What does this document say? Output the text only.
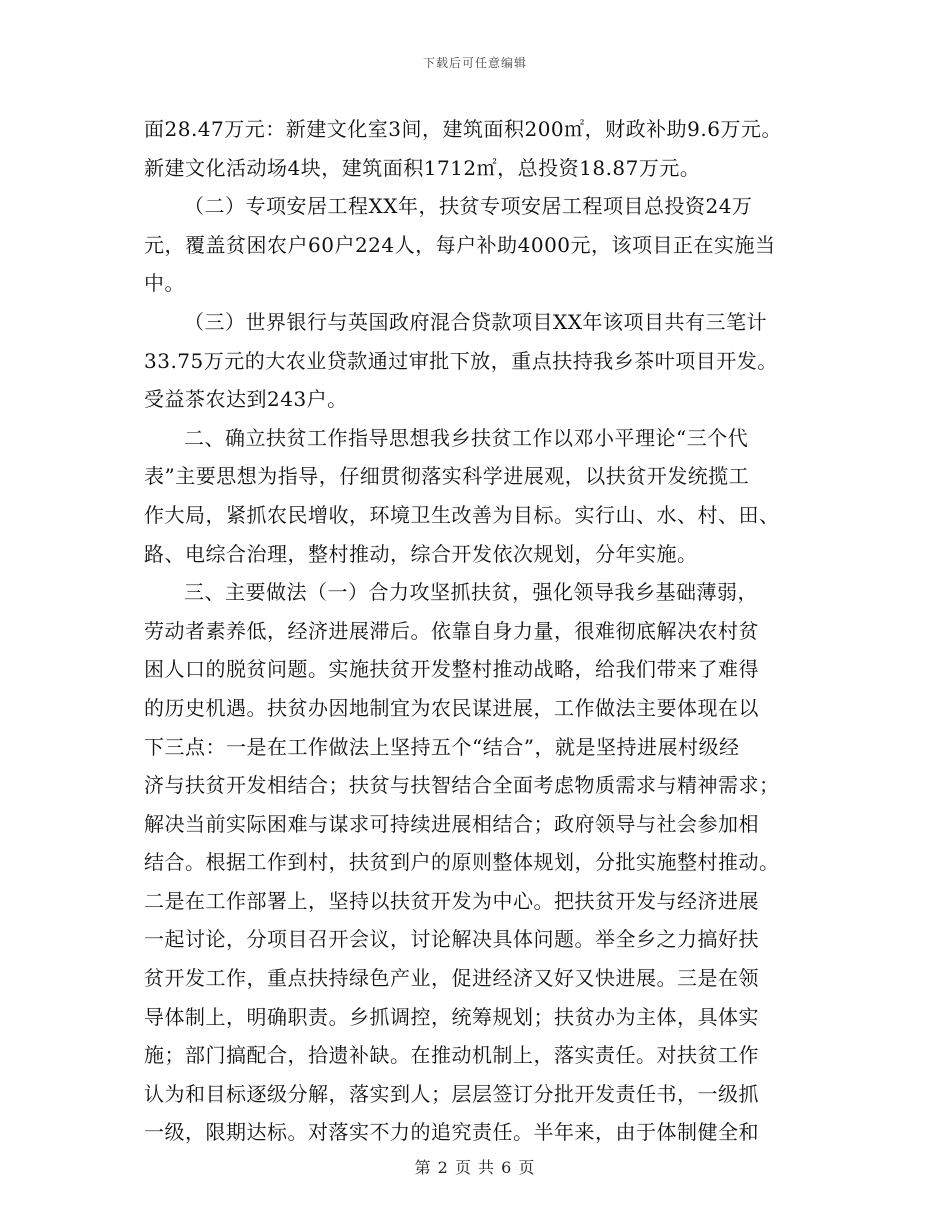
下载后可任意编辑
面28.47万元：新建文化室3间，建筑面积200㎡，财政补助9.6万元。
新建文化活动场4块，建筑面积1712㎡，总投资18.87万元。
（二）专项安居工程XX年，扶贫专项安居工程项目总投资24万
元，覆盖贫困农户60户224人，每户补助4000元，该项目正在实施当
中。
（三）世界银行与英国政府混合贷款项目XX年该项目共有三笔计
33.75万元的大农业贷款通过审批下放，重点扶持我乡茶叶项目开发。
受益茶农达到243户。
二、确立扶贫工作指导思想我乡扶贫工作以邓小平理论“三个代
表”主要思想为指导，仔细贯彻落实科学进展观，以扶贫开发统揽工
作大局，紧抓农民增收，环境卫生改善为目标。实行山、水、村、田、
路、电综合治理，整村推动，综合开发依次规划，分年实施。
三、主要做法（一）合力攻坚抓扶贫，强化领导我乡基础薄弱，
劳动者素养低，经济进展滞后。依靠自身力量，很难彻底解决农村贫
困人口的脱贫问题。实施扶贫开发整村推动战略，给我们带来了难得
的历史机遇。扶贫办因地制宜为农民谋进展，工作做法主要体现在以
下三点：一是在工作做法上坚持五个“结合”，就是坚持进展村级经
济与扶贫开发相结合；扶贫与扶智结合全面考虑物质需求与精神需求；
解决当前实际困难与谋求可持续进展相结合；政府领导与社会参加相
结合。根据工作到村，扶贫到户的原则整体规划，分批实施整村推动。
二是在工作部署上，坚持以扶贫开发为中心。把扶贫开发与经济进展
一起讨论，分项目召开会议，讨论解决具体问题。举全乡之力搞好扶
贫开发工作，重点扶持绿色产业，促进经济又好又快进展。三是在领
导体制上，明确职责。乡抓调控，统筹规划；扶贫办为主体，具体实
施；部门搞配合，拾遗补缺。在推动机制上，落实责任。对扶贫工作
认为和目标逐级分解，落实到人；层层签订分批开发责任书，一级抓
一级，限期达标。对落实不力的追究责任。半年来，由于体制健全和
第 2 页 共 6 页
